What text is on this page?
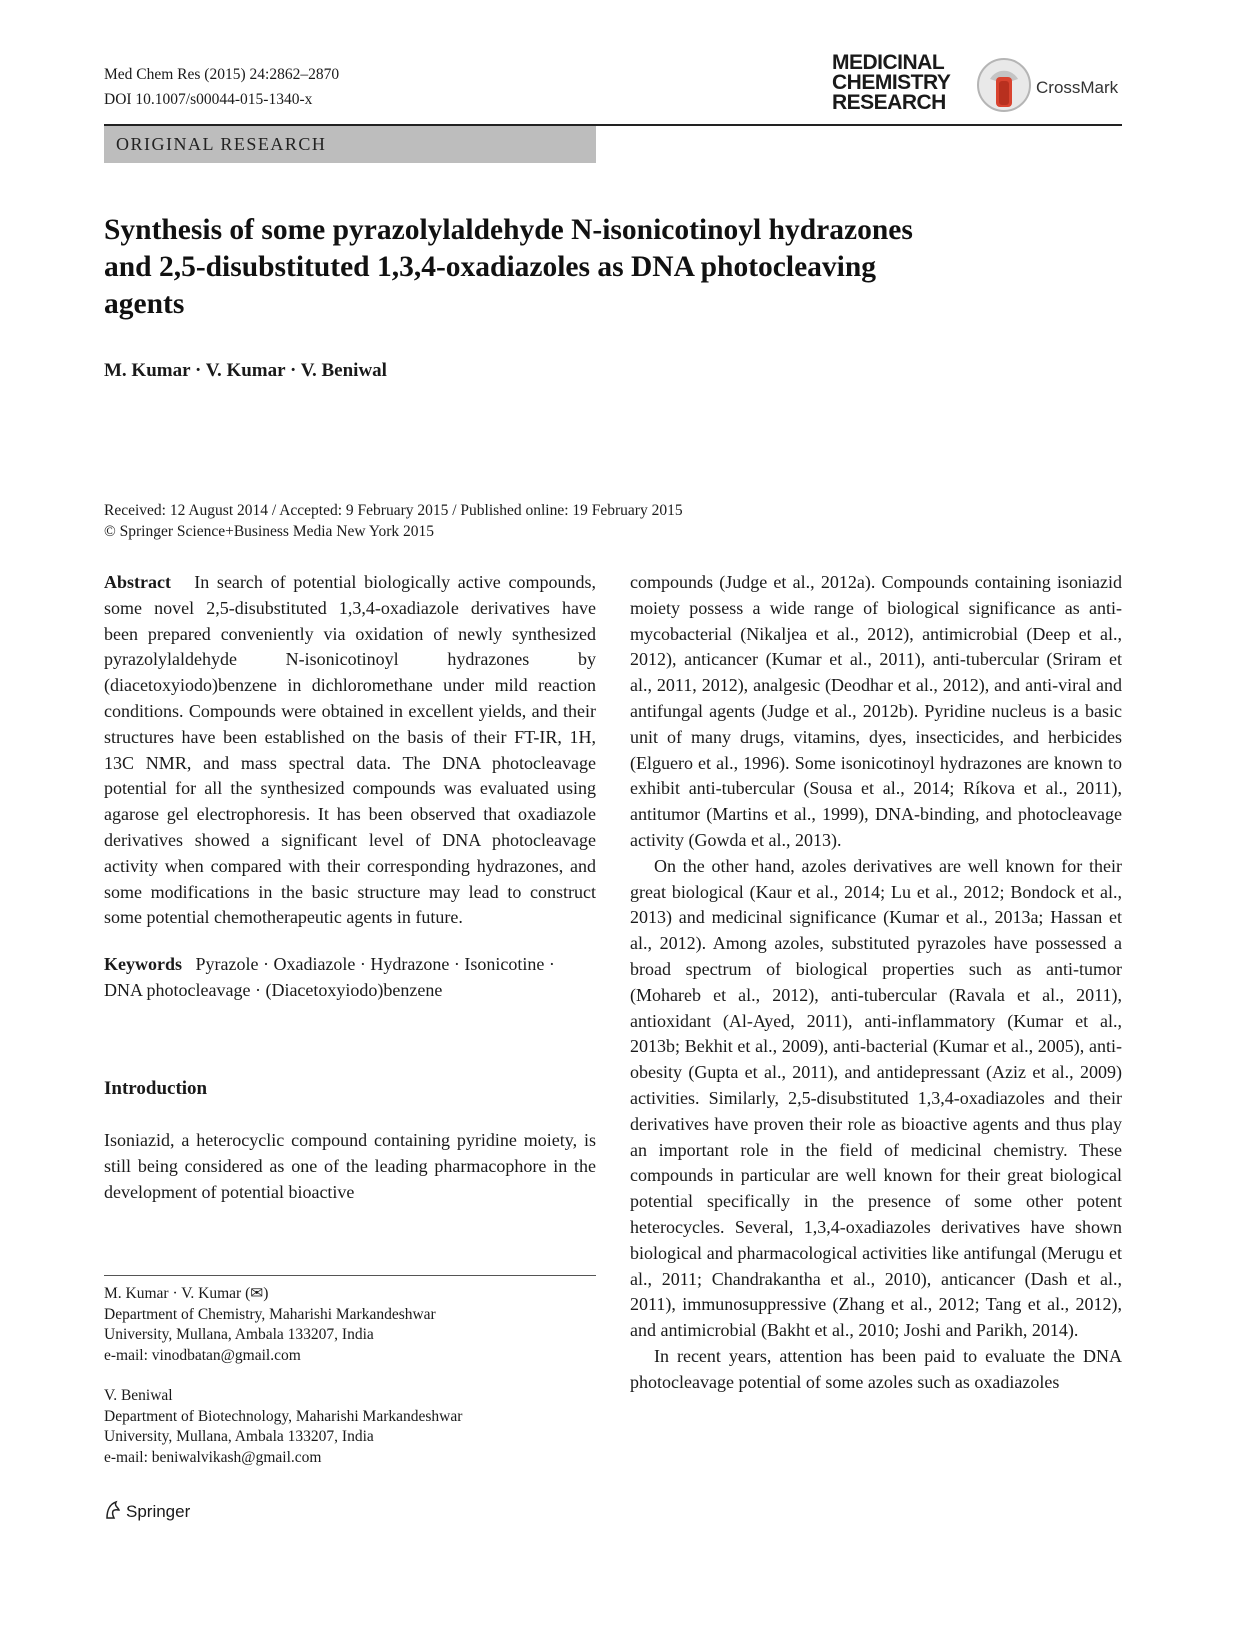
Med Chem Res (2015) 24:2862–2870
DOI 10.1007/s00044-015-1340-x
MEDICINAL
CHEMISTRY
RESEARCH
CrossMark
ORIGINAL RESEARCH
Synthesis of some pyrazolylaldehyde N-isonicotinoyl hydrazones
and 2,5-disubstituted 1,3,4-oxadiazoles as DNA photocleaving
agents
M. Kumar · V. Kumar · V. Beniwal
Received: 12 August 2014 / Accepted: 9 February 2015 / Published online: 19 February 2015
© Springer Science+Business Media New York 2015

Abstract In search of potential biologically active compounds, some novel 2,5-disubstituted 1,3,4-oxadiazole derivatives have been prepared conveniently via oxidation of newly synthesized pyrazolylaldehyde N-isonicotinoyl hydrazones by (diacetoxyiodo)benzene in dichloromethane under mild reaction conditions. Compounds were obtained in excellent yields, and their structures have been established on the basis of their FT-IR, 1H, 13C NMR, and mass spectral data. The DNA photocleavage potential for all the synthesized compounds was evaluated using agarose gel electrophoresis. It has been observed that oxadiazole derivatives showed a significant level of DNA photocleavage activity when compared with their corresponding hydrazones, and some modifications in the basic structure may lead to construct some potential chemotherapeutic agents in future.

Keywords Pyrazole · Oxadiazole · Hydrazone · Isonicotine · DNA photocleavage · (Diacetoxyiodo)benzene

Introduction

Isoniazid, a heterocyclic compound containing pyridine moiety, is still being considered as one of the leading pharmacophore in the development of potential bioactive

M. Kumar · V. Kumar (✉)
Department of Chemistry, Maharishi Markandeshwar
University, Mullana, Ambala 133207, India
e-mail: vinodbatan@gmail.com
V. Beniwal
Department of Biotechnology, Maharishi Markandeshwar
University, Mullana, Ambala 133207, India
e-mail: beniwalvikash@gmail.com

compounds (Judge et al., 2012a). Compounds containing isoniazid moiety possess a wide range of biological significance as anti-mycobacterial (Nikaljea et al., 2012), antimicrobial (Deep et al., 2012), anticancer (Kumar et al., 2011), anti-tubercular (Sriram et al., 2011, 2012), analgesic (Deodhar et al., 2012), and anti-viral and antifungal agents (Judge et al., 2012b). Pyridine nucleus is a basic unit of many drugs, vitamins, dyes, insecticides, and herbicides (Elguero et al., 1996). Some isonicotinoyl hydrazones are known to exhibit anti-tubercular (Sousa et al., 2014; Ríkova et al., 2011), antitumor (Martins et al., 1999), DNA-binding, and photocleavage activity (Gowda et al., 2013).

On the other hand, azoles derivatives are well known for their great biological (Kaur et al., 2014; Lu et al., 2012; Bondock et al., 2013) and medicinal significance (Kumar et al., 2013a; Hassan et al., 2012). Among azoles, substituted pyrazoles have possessed a broad spectrum of biological properties such as anti-tumor (Mohareb et al., 2012), anti-tubercular (Ravala et al., 2011), antioxidant (Al-Ayed, 2011), anti-inflammatory (Kumar et al., 2013b; Bekhit et al., 2009), anti-bacterial (Kumar et al., 2005), anti-obesity (Gupta et al., 2011), and antidepressant (Aziz et al., 2009) activities. Similarly, 2,5-disubstituted 1,3,4-oxadiazoles and their derivatives have proven their role as bioactive agents and thus play an important role in the field of medicinal chemistry. These compounds in particular are well known for their great biological potential specifically in the presence of some other potent heterocycles. Several, 1,3,4-oxadiazoles derivatives have shown biological and pharmacological activities like antifungal (Merugu et al., 2011; Chandrakantha et al., 2010), anticancer (Dash et al., 2011), immunosuppressive (Zhang et al., 2012; Tang et al., 2012), and antimicrobial (Bakht et al., 2010; Joshi and Parikh, 2014).

In recent years, attention has been paid to evaluate the DNA photocleavage potential of some azoles such as oxadiazoles

Springer
